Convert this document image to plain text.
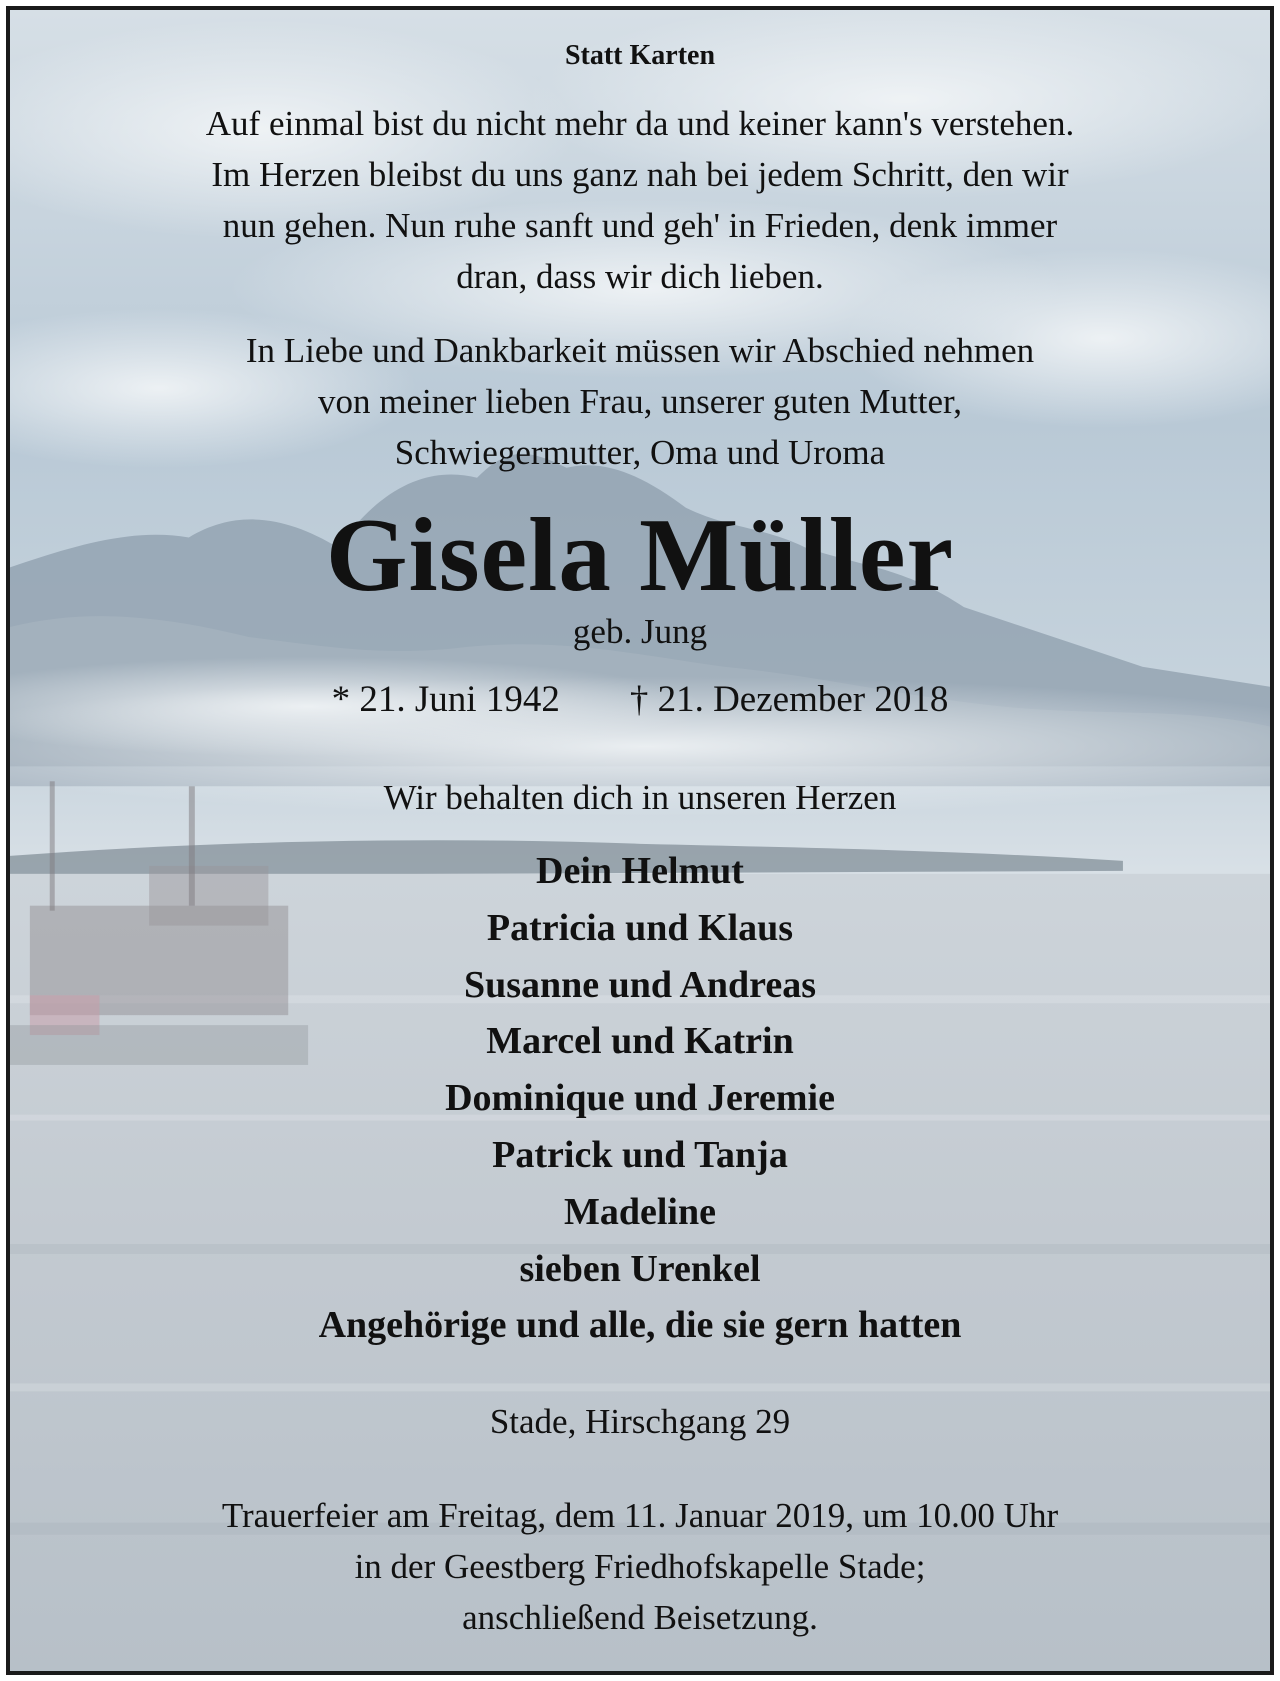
Statt Karten
Auf einmal bist du nicht mehr da und keiner kann's verstehen.
Im Herzen bleibst du uns ganz nah bei jedem Schritt, den wir
nun gehen. Nun ruhe sanft und geh' in Frieden, denk immer
dran, dass wir dich lieben.
In Liebe und Dankbarkeit müssen wir Abschied nehmen
von meiner lieben Frau, unserer guten Mutter,
Schwiegermutter, Oma und Uroma
Gisela Müller
geb. Jung
* 21. Juni 1942 † 21. Dezember 2018
Wir behalten dich in unseren Herzen
Dein Helmut
Patricia und Klaus
Susanne und Andreas
Marcel und Katrin
Dominique und Jeremie
Patrick und Tanja
Madeline
sieben Urenkel
Angehörige und alle, die sie gern hatten
Stade, Hirschgang 29
Trauerfeier am Freitag, dem 11. Januar 2019, um 10.00 Uhr
in der Geestberg Friedhofskapelle Stade;
anschließend Beisetzung.
